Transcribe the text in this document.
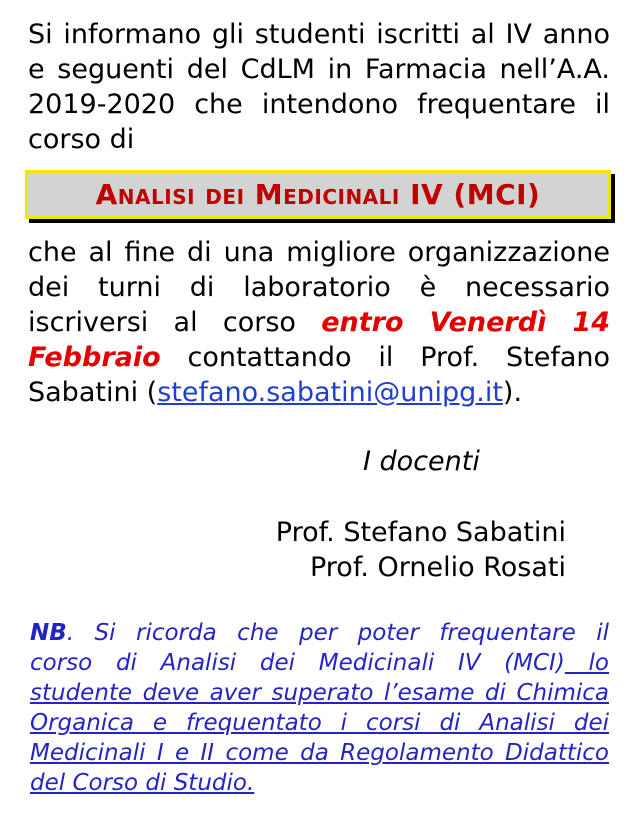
Si informano gli studenti iscritti al IV anno
e seguenti del CdLM in Farmacia nell’A.A.
2019-2020 che intendono frequentare il
corso di
Analisi dei Medicinali IV (MCI)
che al fine di una migliore organizzazione
dei turni di laboratorio è necessario
iscriversi al corso entro Venerdì 14
Febbraio contattando il Prof. Stefano
Sabatini (stefano.sabatini@unipg.it).
I docenti
Prof. Stefano Sabatini
Prof. Ornelio Rosati
NB. Si ricorda che per poter frequentare il
corso di Analisi dei Medicinali IV (MCI) lo
studente deve aver superato l’esame di Chimica
Organica e frequentato i corsi di Analisi dei
Medicinali I e II come da Regolamento Didattico
del Corso di Studio.
